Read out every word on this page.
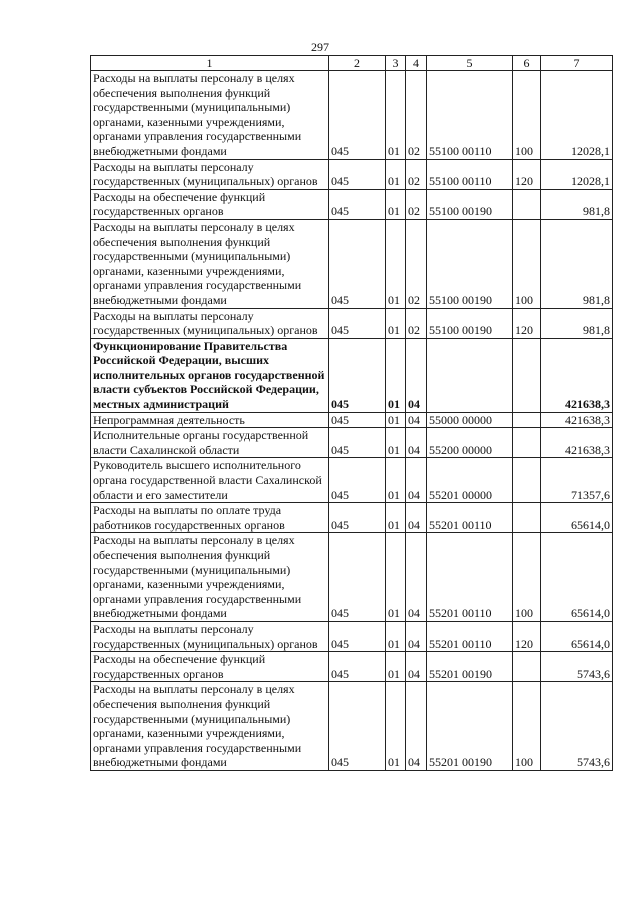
297
1	2	3	4	5	6	7
Расходы на выплаты персоналу в целях обеспечения выполнения функций государственными (муниципальными) органами, казенными учреждениями, органами управления государственными внебюджетными фондами	045	01	02	55100 00110	100	12028,1
Расходы на выплаты персоналу государственных (муниципальных) органов	045	01	02	55100 00110	120	12028,1
Расходы на обеспечение функций государственных органов	045	01	02	55100 00190		981,8
Расходы на выплаты персоналу в целях обеспечения выполнения функций государственными (муниципальными) органами, казенными учреждениями, органами управления государственными внебюджетными фондами	045	01	02	55100 00190	100	981,8
Расходы на выплаты персоналу государственных (муниципальных) органов	045	01	02	55100 00190	120	981,8
Функционирование Правительства Российской Федерации, высших исполнительных органов государственной власти субъектов Российской Федерации, местных администраций	045	01	04			421638,3
Непрограммная деятельность	045	01	04	55000 00000		421638,3
Исполнительные органы государственной власти Сахалинской области	045	01	04	55200 00000		421638,3
Руководитель высшего исполнительного органа государственной власти Сахалинской области и его заместители	045	01	04	55201 00000		71357,6
Расходы на выплаты по оплате труда работников государственных органов	045	01	04	55201 00110		65614,0
Расходы на выплаты персоналу в целях обеспечения выполнения функций государственными (муниципальными) органами, казенными учреждениями, органами управления государственными внебюджетными фондами	045	01	04	55201 00110	100	65614,0
Расходы на выплаты персоналу государственных (муниципальных) органов	045	01	04	55201 00110	120	65614,0
Расходы на обеспечение функций государственных органов	045	01	04	55201 00190		5743,6
Расходы на выплаты персоналу в целях обеспечения выполнения функций государственными (муниципальными) органами, казенными учреждениями, органами управления государственными внебюджетными фондами	045	01	04	55201 00190	100	5743,6
